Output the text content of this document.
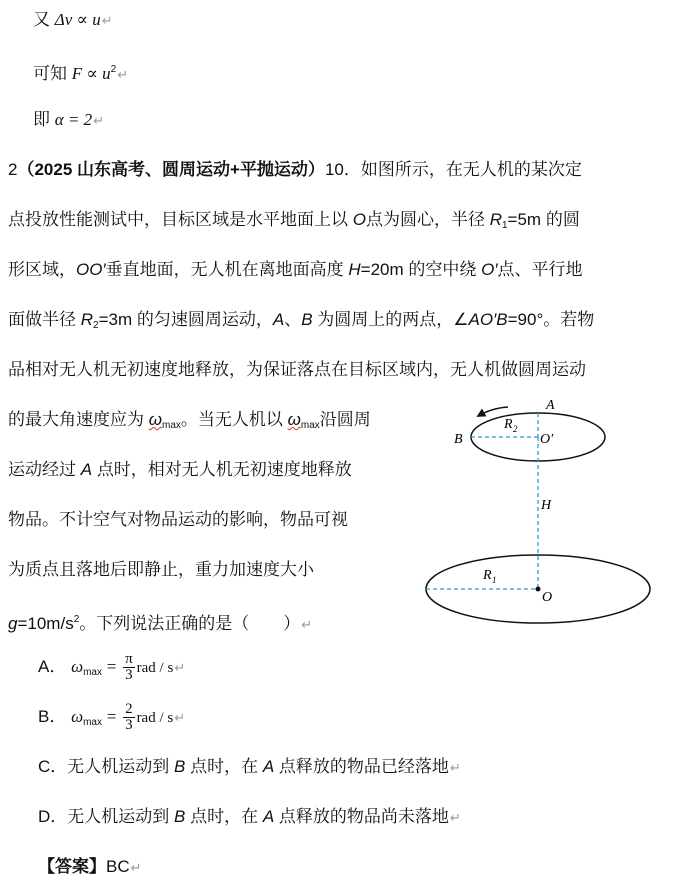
又 Δv ∝ u↵
可知 $F \propto u^2↵$
即 α = 2↵
2（2025 山东高考、圆周运动+平抛运动）10．如图所示，在无人机的某次定
点投放性能测试中，目标区域是水平地面上以 O点为圆心，半径 $R_1=5m$ 的圆
形区域，OO′垂直地面，无人机在离地面高度 H=20m 的空中绕 O′点、平行地
面做半径 $R_2=3m$ 的匀速圆周运动，A、B 为圆周上的两点，∠AO′B=90°。若物
品相对无人机无初速度地释放，为保证落点在目标区域内，无人机做圆周运动
的最大角速度应为 $\omega_{max}$。当无人机以 $\omega_{max}$沿圆周
运动经过 A 点时，相对无人机无初速度地释放
物品。不计空气对物品运动的影响，物品可视
为质点且落地后即静止，重力加速度大小
$g=10m/s^2$。下列说法正确的是（　　）↵
A
B	O′
R 2
H
R 1
O
A． $\omega_{max} = \frac{\pi}{3}$ rad / s↵
B． $\omega_{max} = \frac{2}{3}$ rad / s↵
C．无人机运动到 B 点时，在 A 点释放的物品已经落地↵
D．无人机运动到 B 点时，在 A 点释放的物品尚未落地↵
【答案】BC↵
